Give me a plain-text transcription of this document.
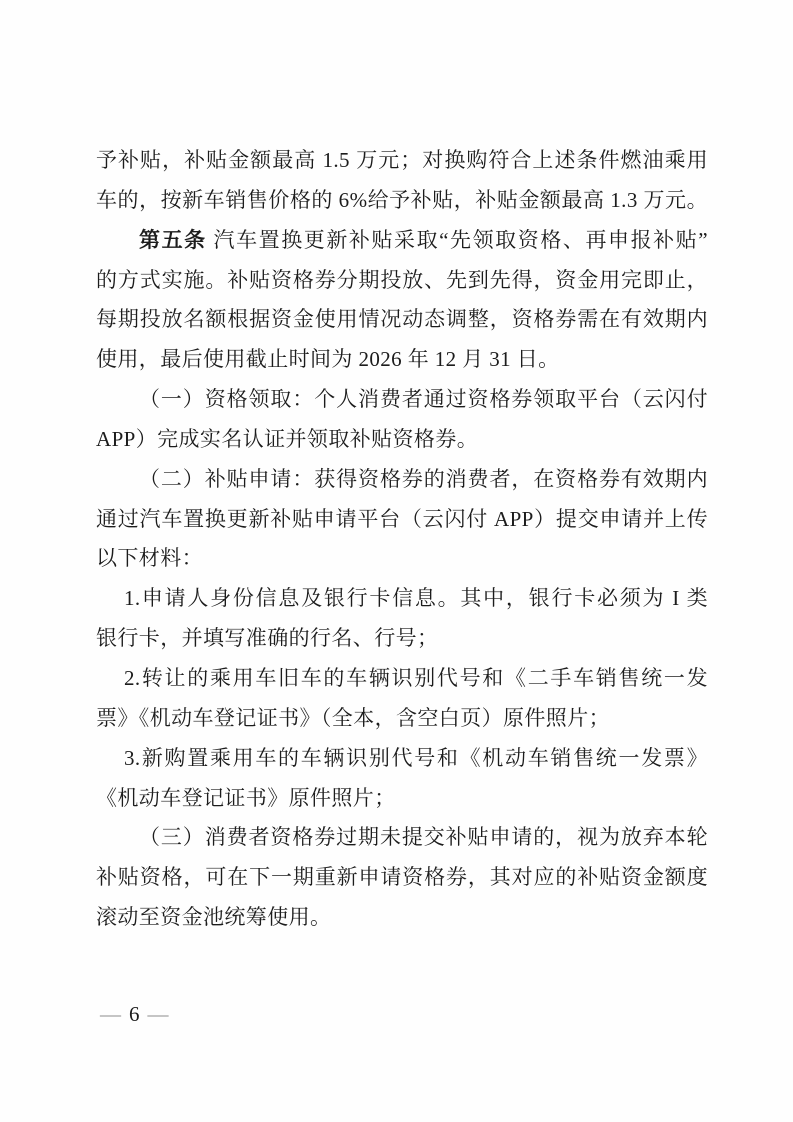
予补贴，补贴金额最高 1.5 万元；对换购符合上述条件燃油乘用
车的，按新车销售价格的 6%给予补贴，补贴金额最高 1.3 万元。
第五条 汽车置换更新补贴采取“先领取资格、再申报补贴”
的方式实施。补贴资格券分期投放、先到先得，资金用完即止，
每期投放名额根据资金使用情况动态调整，资格券需在有效期内
使用，最后使用截止时间为 2026 年 12 月 31 日。
（一）资格领取：个人消费者通过资格券领取平台（云闪付
APP）完成实名认证并领取补贴资格券。
（二）补贴申请：获得资格券的消费者，在资格券有效期内
通过汽车置换更新补贴申请平台（云闪付 APP）提交申请并上传
以下材料：
1.申请人身份信息及银行卡信息。其中，银行卡必须为 I 类
银行卡，并填写准确的行名、行号；
2.转让的乘用车旧车的车辆识别代号和《二手车销售统一发
票》《机动车登记证书》（全本，含空白页）原件照片；
3.新购置乘用车的车辆识别代号和《机动车销售统一发票》
《机动车登记证书》原件照片；
（三）消费者资格券过期未提交补贴申请的，视为放弃本轮
补贴资格，可在下一期重新申请资格券，其对应的补贴资金额度
滚动至资金池统筹使用。
— 6 —
